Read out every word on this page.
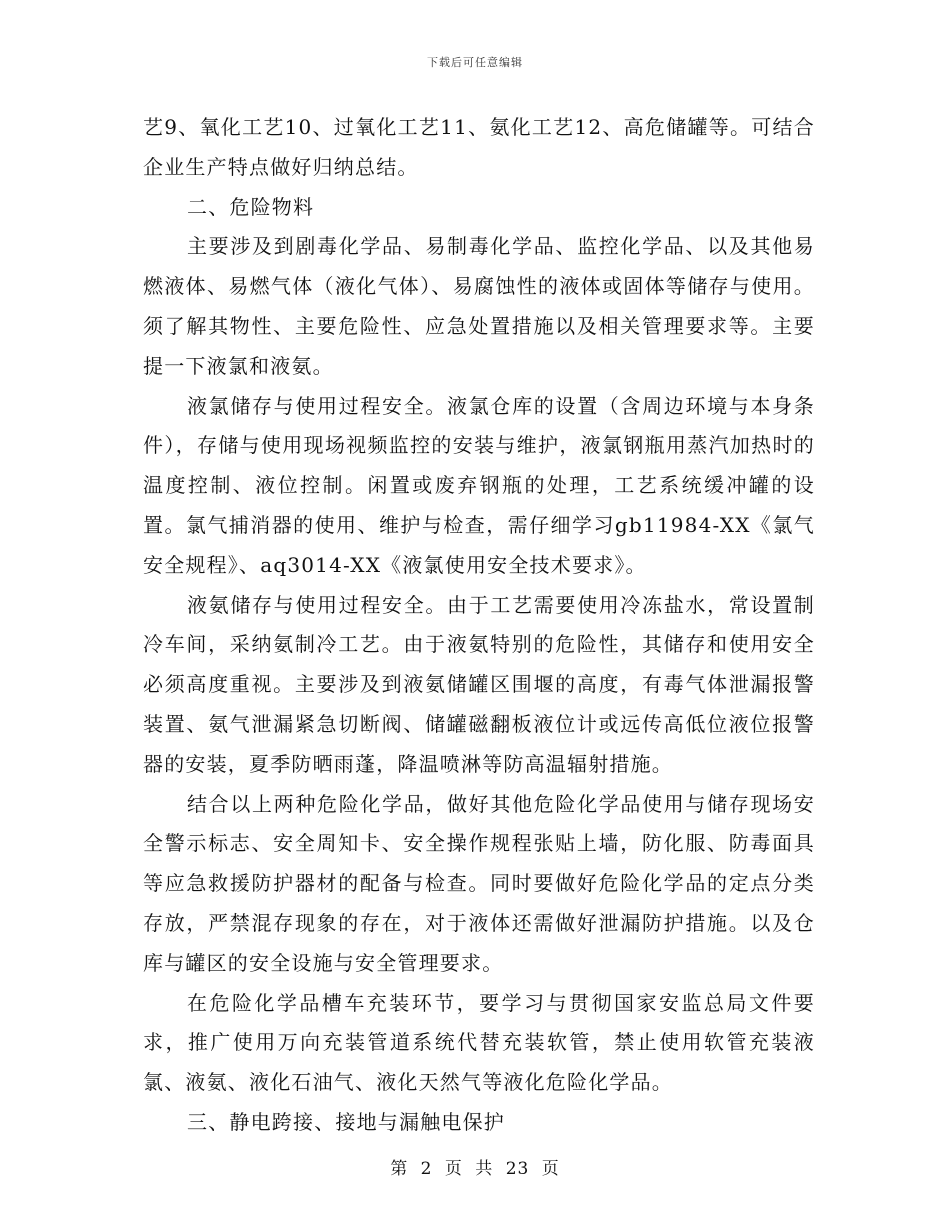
下载后可任意编辑

艺9、氧化工艺10、过氧化工艺11、氨化工艺12、高危储罐等。可结合企业生产特点做好归纳总结。

二、危险物料

主要涉及到剧毒化学品、易制毒化学品、监控化学品、以及其他易燃液体、易燃气体（液化气体）、易腐蚀性的液体或固体等储存与使用。须了解其物性、主要危险性、应急处置措施以及相关管理要求等。主要提一下液氯和液氨。

液氯储存与使用过程安全。液氯仓库的设置（含周边环境与本身条件），存储与使用现场视频监控的安装与维护，液氯钢瓶用蒸汽加热时的温度控制、液位控制。闲置或废弃钢瓶的处理，工艺系统缓冲罐的设置。氯气捕消器的使用、维护与检查，需仔细学习gb11984-XX《氯气安全规程》、aq3014-XX《液氯使用安全技术要求》。

液氨储存与使用过程安全。由于工艺需要使用冷冻盐水，常设置制冷车间，采纳氨制冷工艺。由于液氨特别的危险性，其储存和使用安全必须高度重视。主要涉及到液氨储罐区围堰的高度，有毒气体泄漏报警装置、氨气泄漏紧急切断阀、储罐磁翻板液位计或远传高低位液位报警器的安装，夏季防晒雨蓬，降温喷淋等防高温辐射措施。

结合以上两种危险化学品，做好其他危险化学品使用与储存现场安全警示标志、安全周知卡、安全操作规程张贴上墙，防化服、防毒面具等应急救援防护器材的配备与检查。同时要做好危险化学品的定点分类存放，严禁混存现象的存在，对于液体还需做好泄漏防护措施。以及仓库与罐区的安全设施与安全管理要求。

在危险化学品槽车充装环节，要学习与贯彻国家安监总局文件要求，推广使用万向充装管道系统代替充装软管，禁止使用软管充装液氯、液氨、液化石油气、液化天然气等液化危险化学品。

三、静电跨接、接地与漏触电保护

第 2 页 共 23 页
